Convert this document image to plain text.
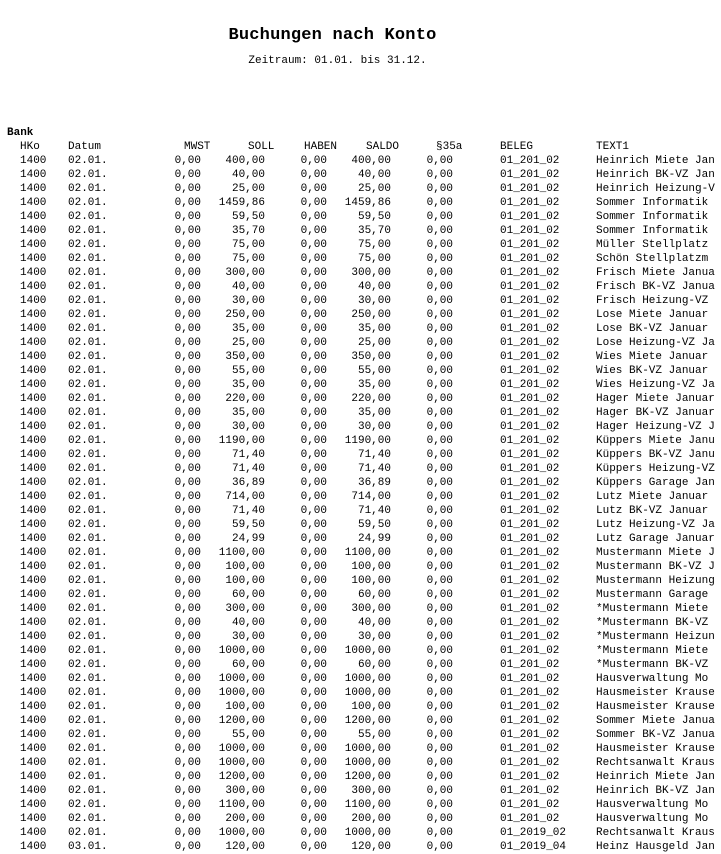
Buchungen nach Konto
Zeitraum: 01.01. bis 31.12.
Bank
HKo	Datum	MWST	SOLL	HABEN	SALDO	§35a	BELEG	TEXT1
1400 02.01.	0,00 400,00	0,00 400,00	0,00	01_201_02	Heinrich Miete Jan
1400 02.01.	0,00	40,00	0,00	40,00	0,00	01_201_02	Heinrich BK-VZ Jan
1400 02.01.	0,00	25,00	0,00	25,00	0,00	01_201_02	Heinrich Heizung-V
1400 02.01.	0,00 1459,86	0,00 1459,86	0,00	01_201_02	Sommer Informatik
1400 02.01.	0,00	59,50	0,00	59,50	0,00	01_201_02	Sommer Informatik
1400 02.01.	0,00	35,70	0,00	35,70	0,00	01_201_02	Sommer Informatik
1400 02.01.	0,00	75,00	0,00	75,00	0,00	01_201_02	Müller Stellplatz
1400 02.01.	0,00	75,00	0,00	75,00	0,00	01_201_02	Schön Stellplatzm
1400 02.01.	0,00 300,00	0,00 300,00	0,00	01_201_02	Frisch Miete Janua
1400 02.01.	0,00	40,00	0,00	40,00	0,00	01_201_02	Frisch BK-VZ Janua
1400 02.01.	0,00	30,00	0,00	30,00	0,00	01_201_02	Frisch Heizung-VZ
1400 02.01.	0,00 250,00	0,00 250,00	0,00	01_201_02	Lose Miete Januar
1400 02.01.	0,00	35,00	0,00	35,00	0,00	01_201_02	Lose BK-VZ Januar
1400 02.01.	0,00	25,00	0,00	25,00	0,00	01_201_02	Lose Heizung-VZ Ja
1400 02.01.	0,00 350,00	0,00 350,00	0,00	01_201_02	Wies Miete Januar
1400 02.01.	0,00	55,00	0,00	55,00	0,00	01_201_02	Wies BK-VZ Januar
1400 02.01.	0,00	35,00	0,00	35,00	0,00	01_201_02	Wies Heizung-VZ Ja
1400 02.01.	0,00 220,00	0,00 220,00	0,00	01_201_02	Hager Miete Januar
1400 02.01.	0,00	35,00	0,00	35,00	0,00	01_201_02	Hager BK-VZ Januar
1400 02.01.	0,00	30,00	0,00	30,00	0,00	01_201_02	Hager Heizung-VZ J
1400 02.01.	0,00 1190,00	0,00 1190,00	0,00	01_201_02	Küppers Miete Janu
1400 02.01.	0,00	71,40	0,00	71,40	0,00	01_201_02	Küppers BK-VZ Janu
1400 02.01.	0,00	71,40	0,00	71,40	0,00	01_201_02	Küppers Heizung-VZ
1400 02.01.	0,00	36,89	0,00	36,89	0,00	01_201_02	Küppers Garage Jan
1400 02.01.	0,00 714,00	0,00 714,00	0,00	01_201_02	Lutz Miete Januar
1400 02.01.	0,00	71,40	0,00	71,40	0,00	01_201_02	Lutz BK-VZ Januar
1400 02.01.	0,00	59,50	0,00	59,50	0,00	01_201_02	Lutz Heizung-VZ Ja
1400 02.01.	0,00	24,99	0,00	24,99	0,00	01_201_02	Lutz Garage Januar
1400 02.01.	0,00 1100,00	0,00 1100,00	0,00	01_201_02	Mustermann Miete J
1400 02.01.	0,00 100,00	0,00 100,00	0,00	01_201_02	Mustermann BK-VZ J
1400 02.01.	0,00 100,00	0,00 100,00	0,00	01_201_02	Mustermann Heizung
1400 02.01.	0,00	60,00	0,00	60,00	0,00	01_201_02	Mustermann Garage
1400 02.01.	0,00 300,00	0,00 300,00	0,00	01_201_02	*Mustermann Miete
1400 02.01.	0,00	40,00	0,00	40,00	0,00	01_201_02	*Mustermann BK-VZ
1400 02.01.	0,00	30,00	0,00	30,00	0,00	01_201_02	*Mustermann Heizun
1400 02.01.	0,00 1000,00	0,00 1000,00	0,00	01_201_02	*Mustermann Miete
1400 02.01.	0,00	60,00	0,00	60,00	0,00	01_201_02	*Mustermann BK-VZ
1400 02.01.	0,00 1000,00	0,00 1000,00	0,00	01_201_02	Hausverwaltung Mo
1400 02.01.	0,00 1000,00	0,00 1000,00	0,00	01_201_02	Hausmeister Krause
1400 02.01.	0,00 100,00	0,00 100,00	0,00	01_201_02	Hausmeister Krause
1400 02.01.	0,00 1200,00	0,00 1200,00	0,00	01_201_02	Sommer Miete Janua
1400 02.01.	0,00	55,00	0,00	55,00	0,00	01_201_02	Sommer BK-VZ Janua
1400 02.01.	0,00 1000,00	0,00 1000,00	0,00	01_201_02	Hausmeister Krause
1400 02.01.	0,00 1000,00	0,00 1000,00	0,00	01_201_02	Rechtsanwalt Kraus
1400 02.01.	0,00 1200,00	0,00 1200,00	0,00	01_201_02	Heinrich Miete Jan
1400 02.01.	0,00 300,00	0,00 300,00	0,00	01_201_02	Heinrich BK-VZ Jan
1400 02.01.	0,00 1100,00	0,00 1100,00	0,00	01_201_02	Hausverwaltung Mo
1400 02.01.	0,00 200,00	0,00 200,00	0,00	01_201_02	Hausverwaltung Mo
1400 02.01.	0,00 1000,00	0,00 1000,00	0,00	01_2019_02	Rechtsanwalt Kraus
1400 03.01.	0,00 120,00	0,00 120,00	0,00	01_2019_04	Heinz Hausgeld Jan
